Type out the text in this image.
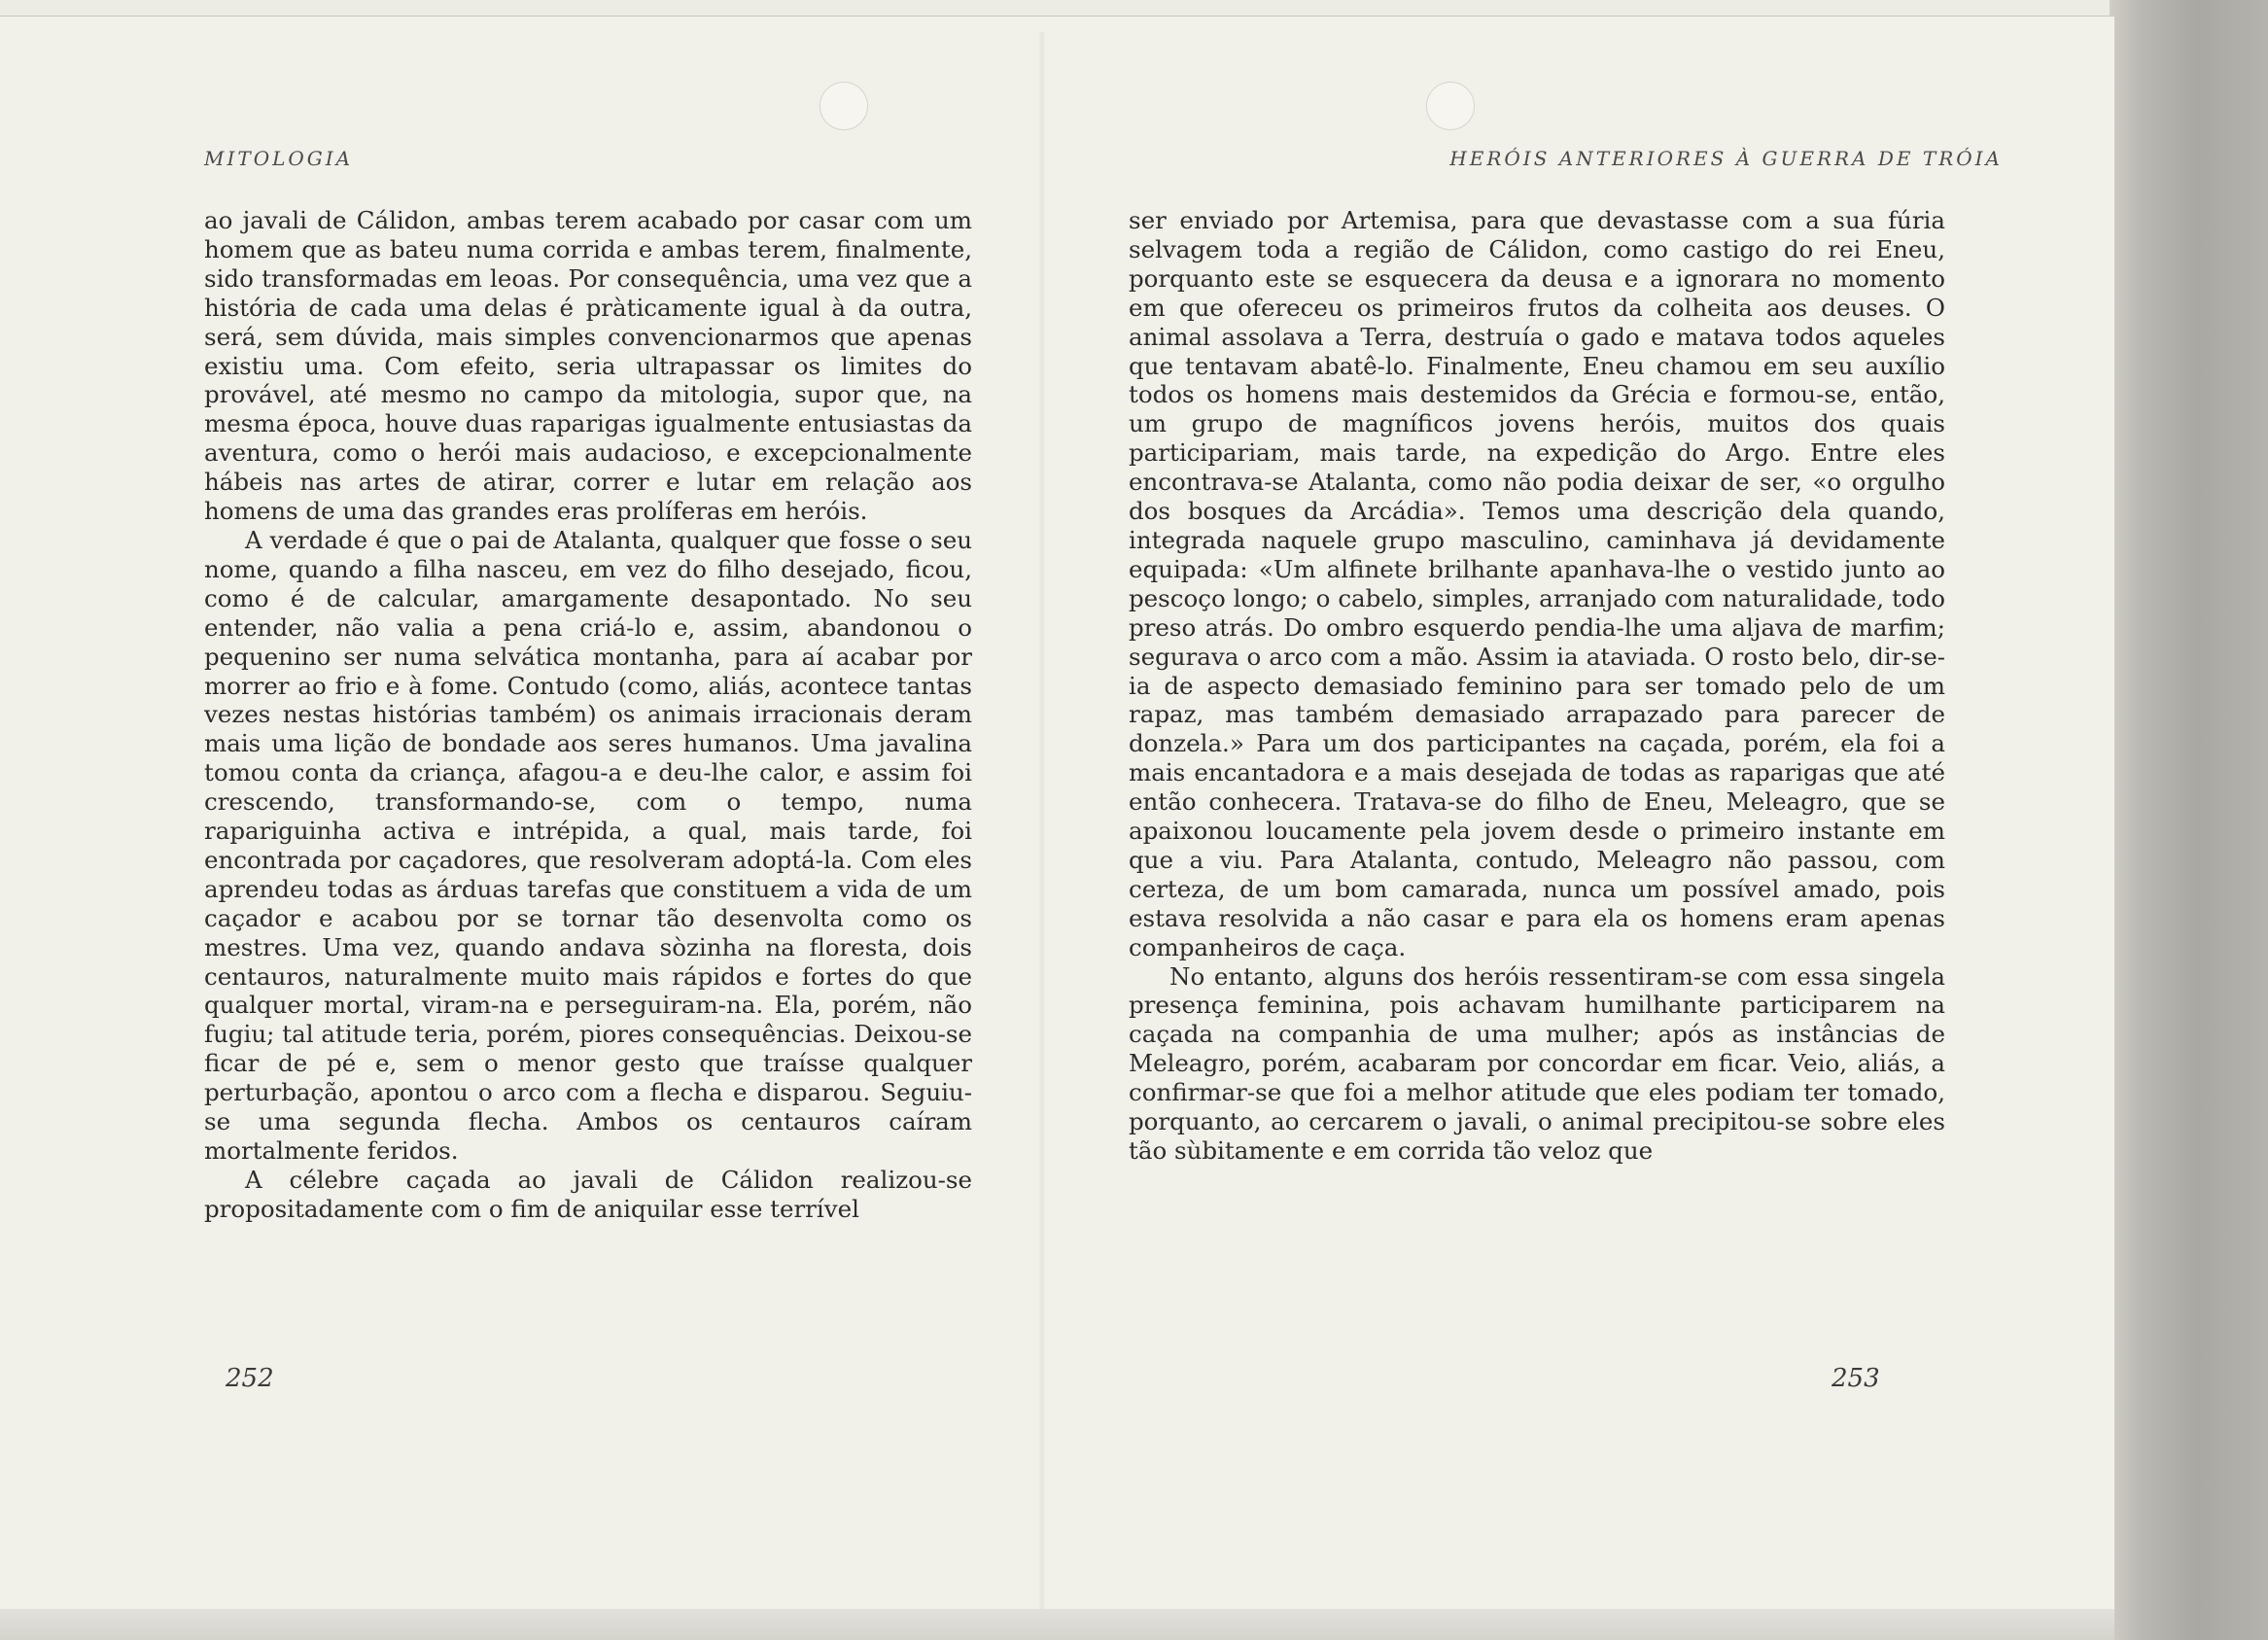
MITOLOGIA

ao javali de Cálidon, ambas terem acabado por casar com um homem que as bateu numa corrida e ambas terem, finalmente, sido transformadas em leoas. Por consequência, uma vez que a história de cada uma delas é pràticamente igual à da outra, será, sem dúvida, mais simples convencionarmos que apenas existiu uma. Com efeito, seria ultrapassar os limites do provável, até mesmo no campo da mitologia, supor que, na mesma época, houve duas raparigas igualmente entusiastas da aventura, como o herói mais audacioso, e excepcionalmente hábeis nas artes de atirar, correr e lutar em relação aos homens de uma das grandes eras prolíferas em heróis.

A verdade é que o pai de Atalanta, qualquer que fosse o seu nome, quando a filha nasceu, em vez do filho desejado, ficou, como é de calcular, amargamente desapontado. No seu entender, não valia a pena criá-lo e, assim, abandonou o pequenino ser numa selvática montanha, para aí acabar por morrer ao frio e à fome. Contudo (como, aliás, acontece tantas vezes nestas histórias também) os animais irracionais deram mais uma lição de bondade aos seres humanos. Uma javalina tomou conta da criança, afagou-a e deu-lhe calor, e assim foi crescendo, transformando-se, com o tempo, numa rapariguinha activa e intrépida, a qual, mais tarde, foi encontrada por caçadores, que resolveram adoptá-la. Com eles aprendeu todas as árduas tarefas que constituem a vida de um caçador e acabou por se tornar tão desenvolta como os mestres. Uma vez, quando andava sòzinha na floresta, dois centauros, naturalmente muito mais rápidos e fortes do que qualquer mortal, viram-na e perseguiram-na. Ela, porém, não fugiu; tal atitude teria, porém, piores consequências. Deixou-se ficar de pé e, sem o menor gesto que traísse qualquer perturbação, apontou o arco com a flecha e disparou. Seguiu-se uma segunda flecha. Ambos os centauros caíram mortalmente feridos.

A célebre caçada ao javali de Cálidon realizou-se propositadamente com o fim de aniquilar esse terrível

252
HERÓIS ANTERIORES À GUERRA DE TRÓIA

ser enviado por Artemisa, para que devastasse com a sua fúria selvagem toda a região de Cálidon, como castigo do rei Eneu, porquanto este se esquecera da deusa e a ignorara no momento em que ofereceu os primeiros frutos da colheita aos deuses. O animal assolava a Terra, destruía o gado e matava todos aqueles que tentavam abatê-lo. Finalmente, Eneu chamou em seu auxílio todos os homens mais destemidos da Grécia e formou-se, então, um grupo de magníficos jovens heróis, muitos dos quais participariam, mais tarde, na expedição do Argo. Entre eles encontrava-se Atalanta, como não podia deixar de ser, «o orgulho dos bosques da Arcádia». Temos uma descrição dela quando, integrada naquele grupo masculino, caminhava já devidamente equipada: «Um alfinete brilhante apanhava-lhe o vestido junto ao pescoço longo; o cabelo, simples, arranjado com naturalidade, todo preso atrás. Do ombro esquerdo pendia-lhe uma aljava de marfim; segurava o arco com a mão. Assim ia ataviada. O rosto belo, dir-se-ia de aspecto demasiado feminino para ser tomado pelo de um rapaz, mas também demasiado arrapazado para parecer de donzela.» Para um dos participantes na caçada, porém, ela foi a mais encantadora e a mais desejada de todas as raparigas que até então conhecera. Tratava-se do filho de Eneu, Meleagro, que se apaixonou loucamente pela jovem desde o primeiro instante em que a viu. Para Atalanta, contudo, Meleagro não passou, com certeza, de um bom camarada, nunca um possível amado, pois estava resolvida a não casar e para ela os homens eram apenas companheiros de caça.

No entanto, alguns dos heróis ressentiram-se com essa singela presença feminina, pois achavam humilhante participarem na caçada na companhia de uma mulher; após as instâncias de Meleagro, porém, acabaram por concordar em ficar. Veio, aliás, a confirmar-se que foi a melhor atitude que eles podiam ter tomado, porquanto, ao cercarem o javali, o animal precipitou-se sobre eles tão sùbitamente e em corrida tão veloz que

253
